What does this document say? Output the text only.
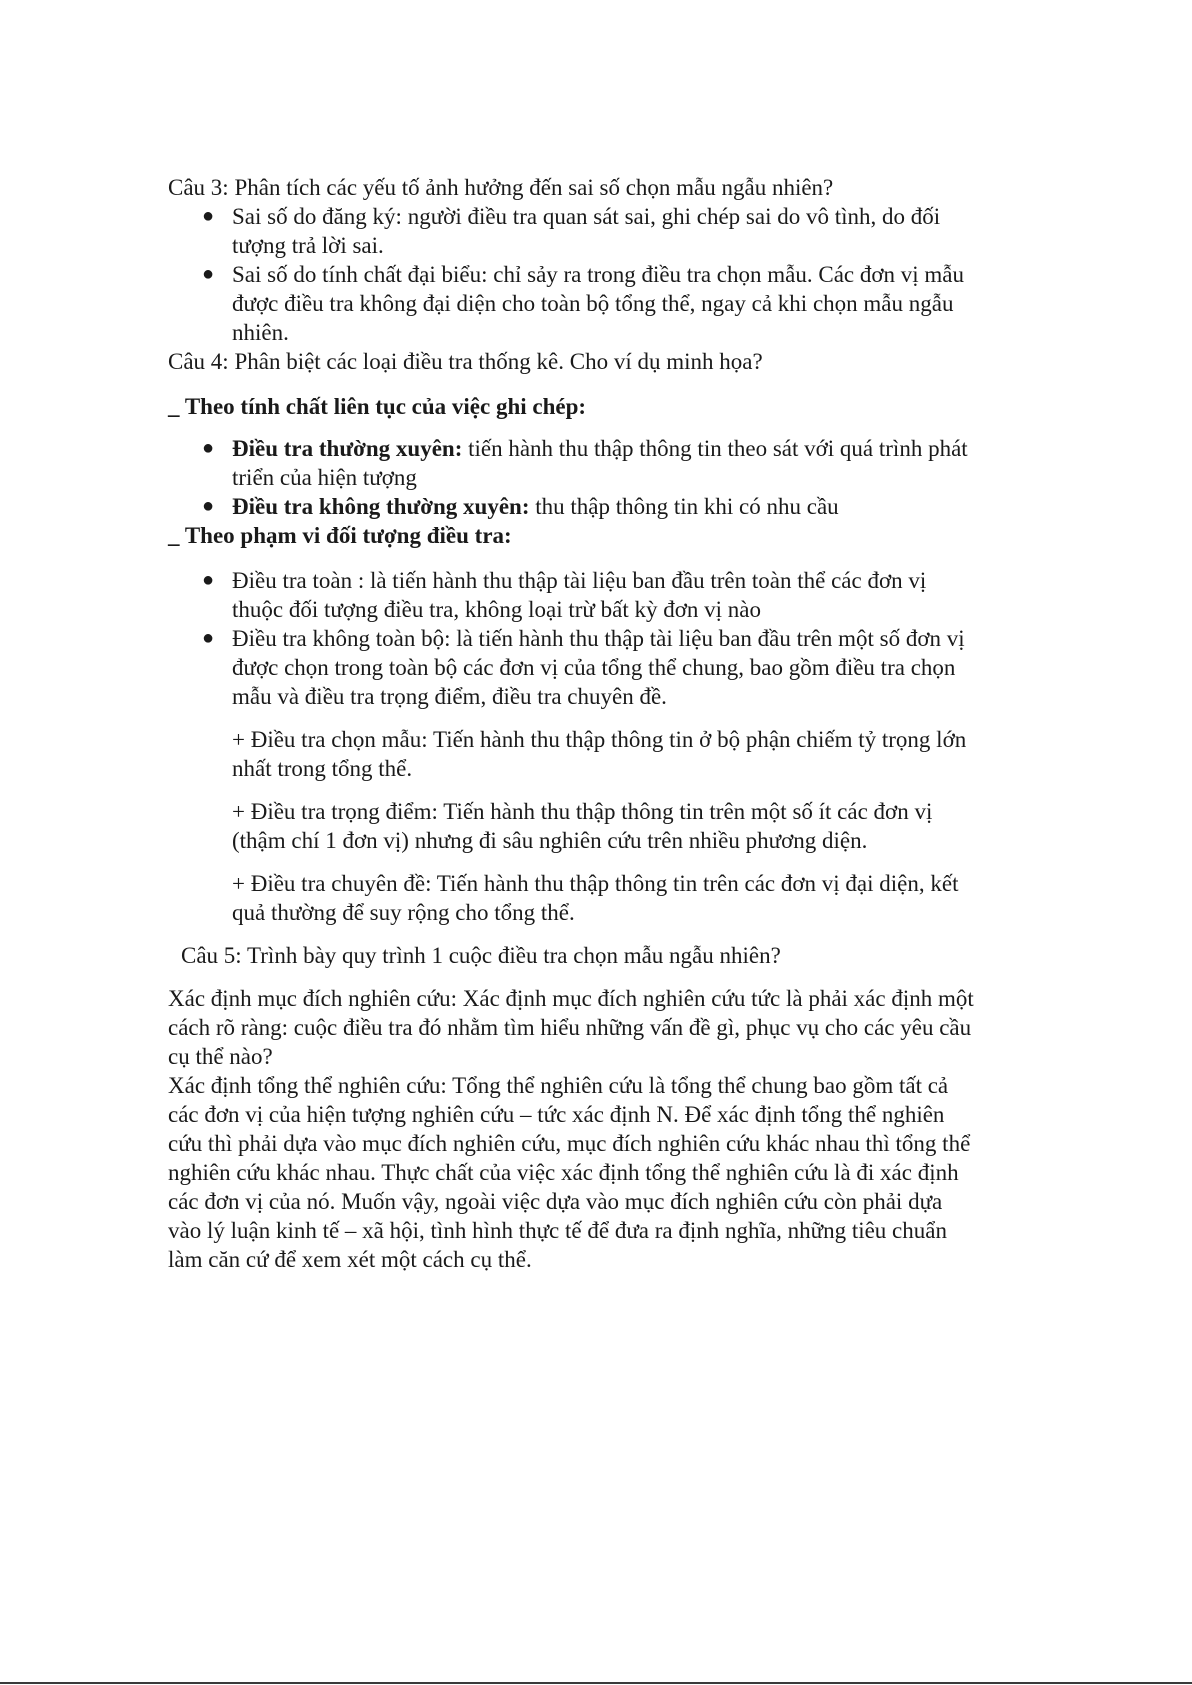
Câu 3: Phân tích các yếu tố ảnh hưởng đến sai số chọn mẫu ngẫu nhiên?

● Sai số do đăng ký: người điều tra quan sát sai, ghi chép sai do vô tình, do đối tượng trả lời sai.
● Sai số do tính chất đại biểu: chỉ sảy ra trong điều tra chọn mẫu. Các đơn vị mẫu được điều tra không đại diện cho toàn bộ tổng thể, ngay cả khi chọn mẫu ngẫu nhiên.

Câu 4: Phân biệt các loại điều tra thống kê. Cho ví dụ minh họa?

_ Theo tính chất liên tục của việc ghi chép:

● Điều tra thường xuyên: tiến hành thu thập thông tin theo sát với quá trình phát triển của hiện tượng
● Điều tra không thường xuyên: thu thập thông tin khi có nhu cầu

_ Theo phạm vi đối tượng điều tra:

● Điều tra toàn : là tiến hành thu thập tài liệu ban đầu trên toàn thể các đơn vị thuộc đối tượng điều tra, không loại trừ bất kỳ đơn vị nào
● Điều tra không toàn bộ: là tiến hành thu thập tài liệu ban đầu trên một số đơn vị được chọn trong toàn bộ các đơn vị của tổng thể chung, bao gồm điều tra chọn mẫu và điều tra trọng điểm, điều tra chuyên đề.

+ Điều tra chọn mẫu: Tiến hành thu thập thông tin ở bộ phận chiếm tỷ trọng lớn nhất trong tổng thể.

+ Điều tra trọng điểm: Tiến hành thu thập thông tin trên một số ít các đơn vị (thậm chí 1 đơn vị) nhưng đi sâu nghiên cứu trên nhiều phương diện.

+ Điều tra chuyên đề: Tiến hành thu thập thông tin trên các đơn vị đại diện, kết quả thường để suy rộng cho tổng thể.

Câu 5: Trình bày quy trình 1 cuộc điều tra chọn mẫu ngẫu nhiên?

Xác định mục đích nghiên cứu: Xác định mục đích nghiên cứu tức là phải xác định một cách rõ ràng: cuộc điều tra đó nhằm tìm hiểu những vấn đề gì, phục vụ cho các yêu cầu cụ thể nào?

Xác định tổng thể nghiên cứu: Tổng thể nghiên cứu là tổng thể chung bao gồm tất cả các đơn vị của hiện tượng nghiên cứu – tức xác định N. Để xác định tổng thể nghiên cứu thì phải dựa vào mục đích nghiên cứu, mục đích nghiên cứu khác nhau thì tổng thể nghiên cứu khác nhau. Thực chất của việc xác định tổng thể nghiên cứu là đi xác định các đơn vị của nó. Muốn vậy, ngoài việc dựa vào mục đích nghiên cứu còn phải dựa vào lý luận kinh tế – xã hội, tình hình thực tế để đưa ra định nghĩa, những tiêu chuẩn làm căn cứ để xem xét một cách cụ thể.
